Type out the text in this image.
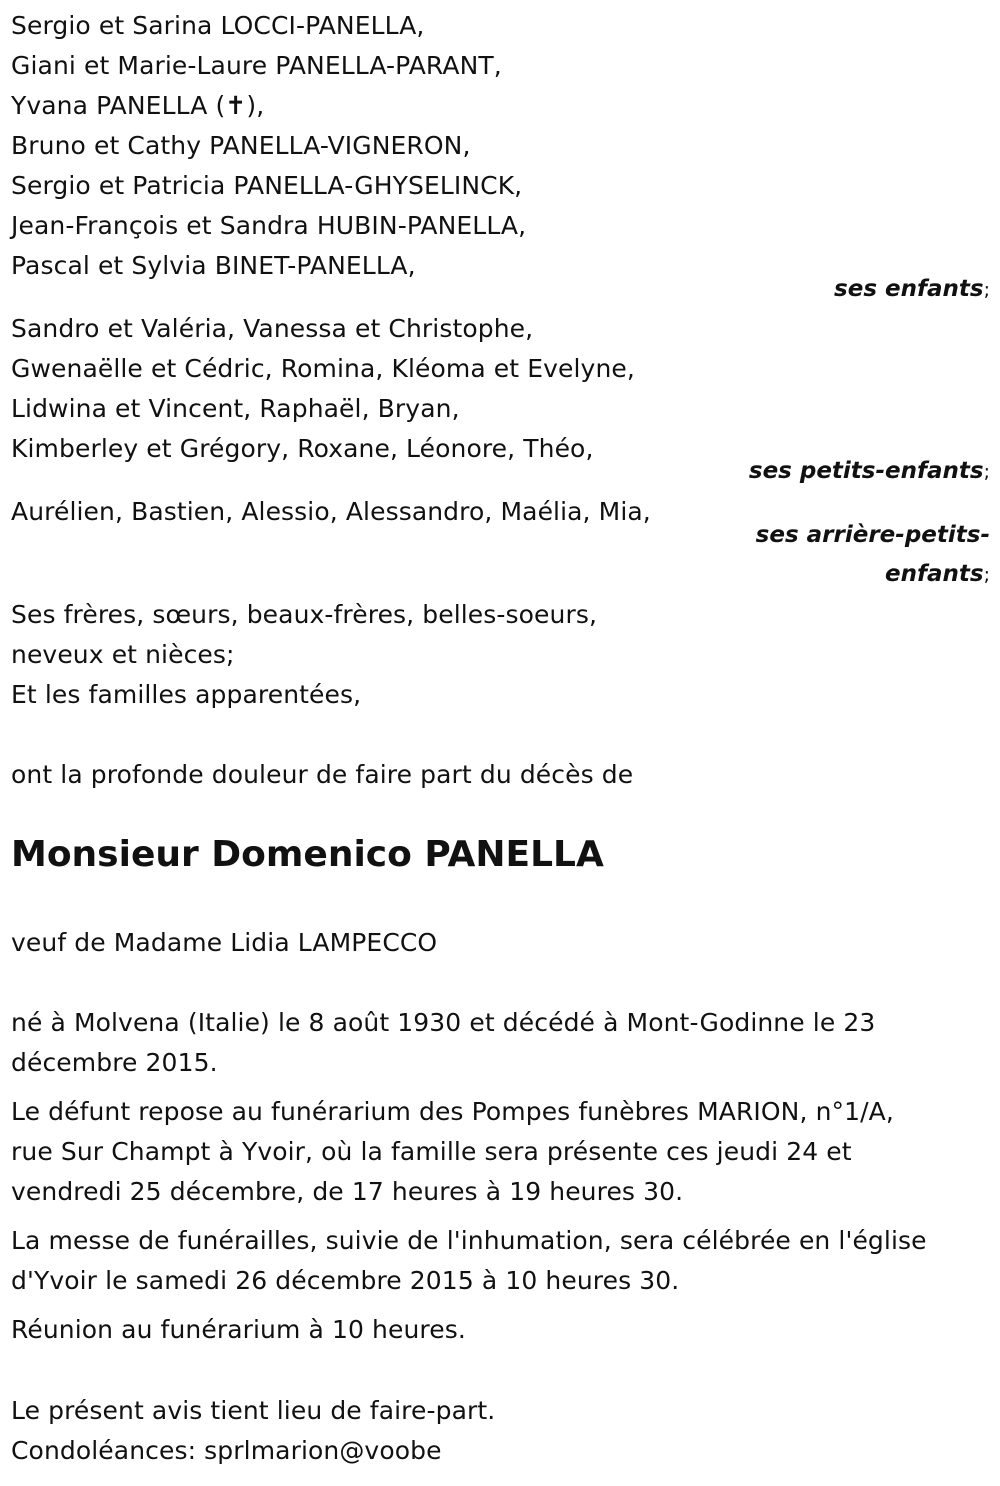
Sergio et Sarina LOCCI-PANELLA,
Giani et Marie-Laure PANELLA-PARANT,
Yvana PANELLA (✝),
Bruno et Cathy PANELLA-VIGNERON,
Sergio et Patricia PANELLA-GHYSELINCK,
Jean-François et Sandra HUBIN-PANELLA,
Pascal et Sylvia BINET-PANELLA,
ses enfants;
Sandro et Valéria, Vanessa et Christophe,
Gwenaëlle et Cédric, Romina, Kléoma et Evelyne,
Lidwina et Vincent, Raphaël, Bryan,
Kimberley et Grégory, Roxane, Léonore, Théo,
ses petits-enfants;
Aurélien, Bastien, Alessio, Alessandro, Maélia, Mia,
ses arrière-petits-
enfants;
Ses frères, sœurs, beaux-frères, belles-soeurs,
neveux et nièces;
Et les familles apparentées,
ont la profonde douleur de faire part du décès de
Monsieur Domenico PANELLA
veuf de Madame Lidia LAMPECCO
né à Molvena (Italie) le 8 août 1930 et décédé à Mont-Godinne le 23
décembre 2015.
Le défunt repose au funérarium des Pompes funèbres MARION, n°1/A,
rue Sur Champt à Yvoir, où la famille sera présente ces jeudi 24 et
vendredi 25 décembre, de 17 heures à 19 heures 30.
La messe de funérailles, suivie de l'inhumation, sera célébrée en l'église
d'Yvoir le samedi 26 décembre 2015 à 10 heures 30.
Réunion au funérarium à 10 heures.
Le présent avis tient lieu de faire-part.
Condoléances: sprlmarion@voobe
